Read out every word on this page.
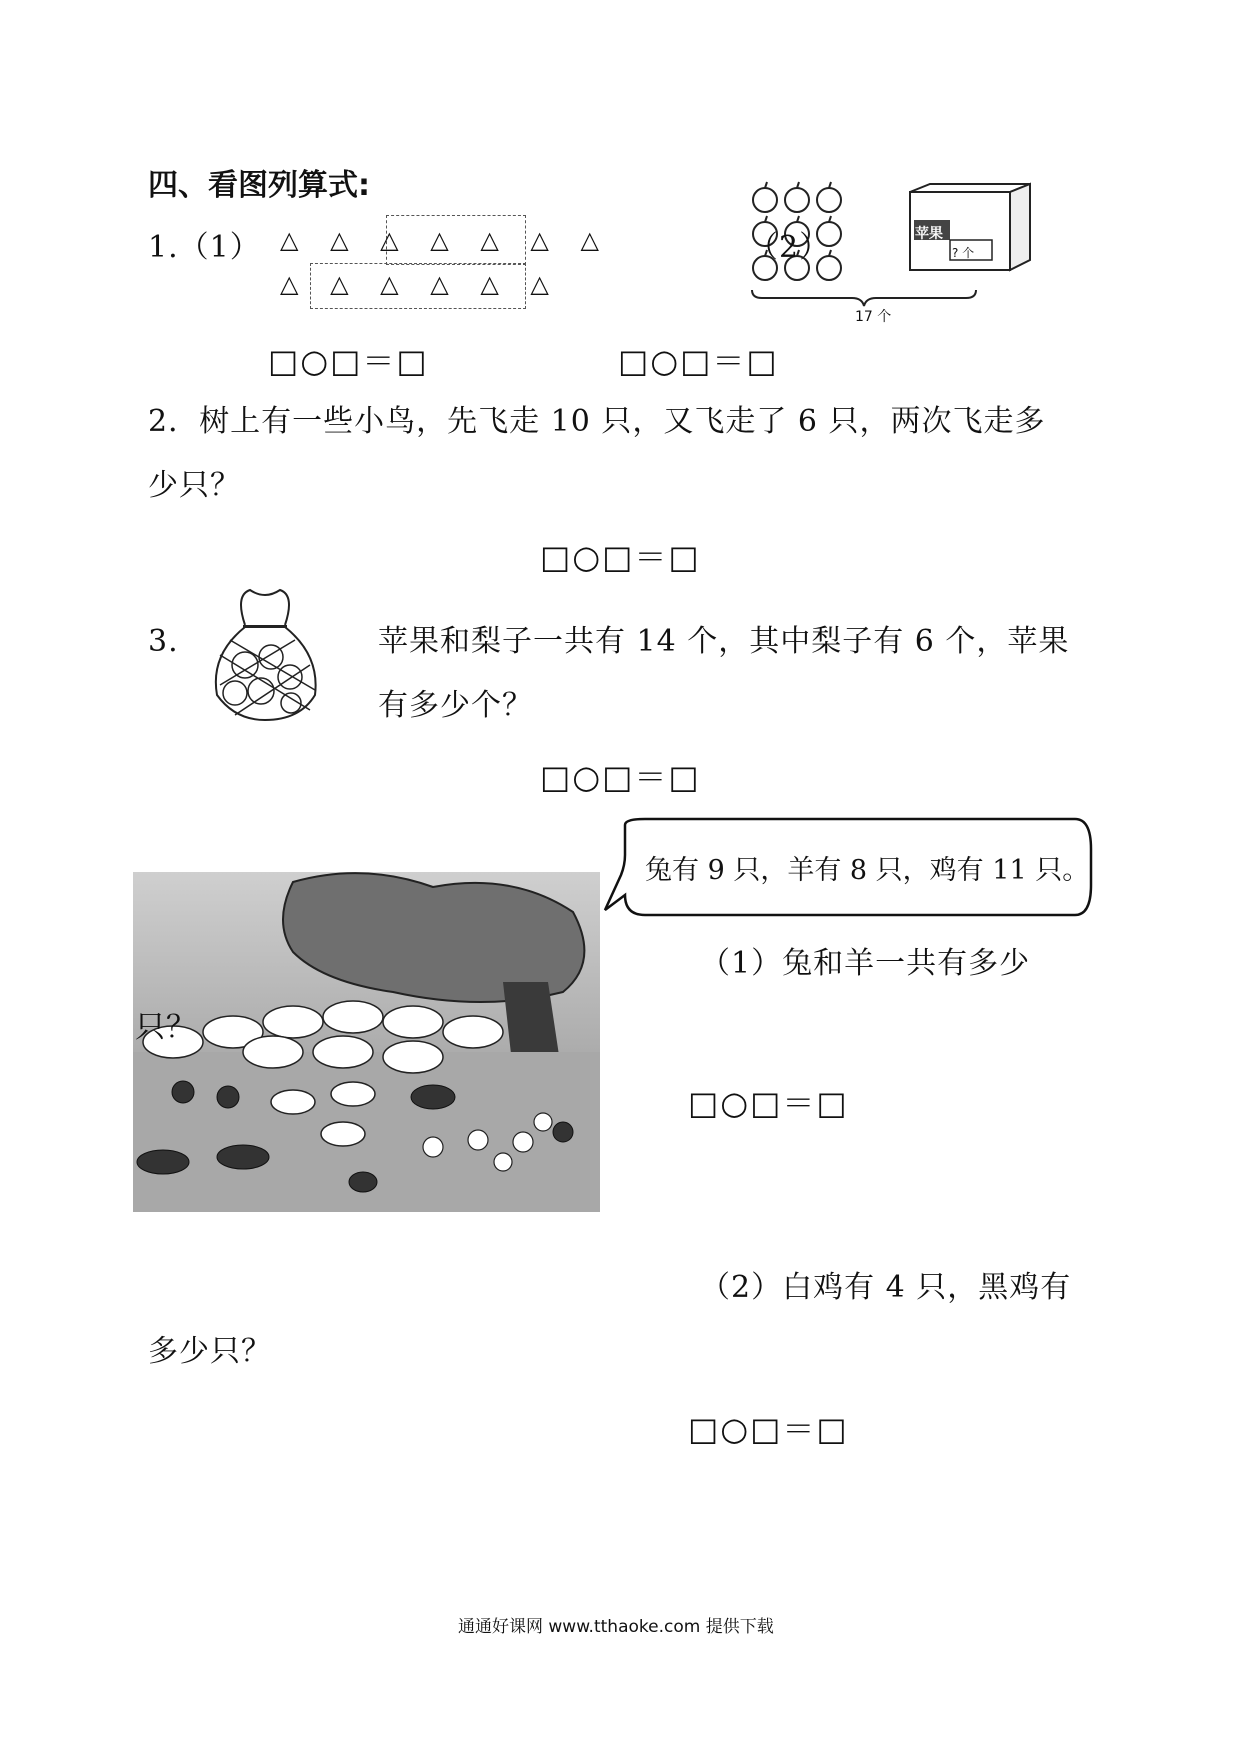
四、看图列算式:
1.（1） △ △ △ △ △ △ △
△ △ △ △ △ △
（2）	苹果
? 个
17 个
□○□＝□	□○□＝□
2．树上有一些小鸟，先飞走 10 只，又飞走了 6 只，两次飞走多
少只？
□○□＝□
3.	苹果和梨子一共有 14 个，其中梨子有 6 个，苹果
有多少个？
□○□＝□
兔有 9 只，羊有 8 只，鸡有 11 只。
（1）兔和羊一共有多少
只？
□○□＝□
（2）白鸡有 4 只，黑鸡有
多少只？
□○□＝□
通通好课网 www.tthaoke.com 提供下载
